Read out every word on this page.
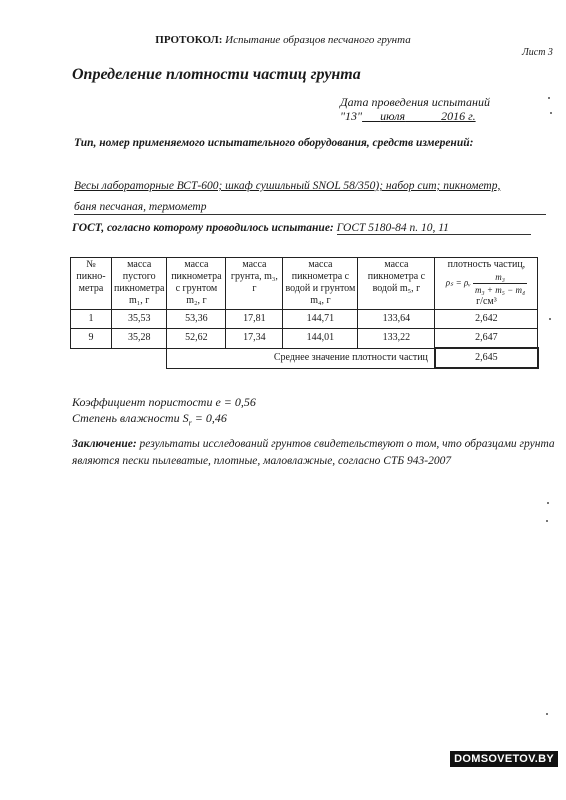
ПРОТОКОЛ: Испытание образцов песчаного грунта
Лист 3
Определение плотности частиц грунта
Дата проведения испытаний
"13" июля	2016 г.
Тип, номер применяемого испытательного оборудования, средств измерений:
Весы лабораторные ВСТ-600; шкаф сушильный SNOL 58/350); набор сит; пикнометр,
баня песчаная, термометр
ГОСТ, согласно которому проводилось испытание: ГОСТ 5180-84 п. 10, 11
№ пикно-метра	масса пустого пикнометра m₁, г	масса пикнометра с грунтом m₂, г	масса грунта, m₃, г	масса пикнометра с водой и грунтом m₄, г	масса пикнометра с водой m₅, г	плотность частиц,
ρₛ = ρᵥ $\frac{\text{m₃}}{\text{m₃ + m₅ − m₄}}$
г/см³

1	35,53	53,36	17,81	144,71	133,64	2,642
9	35,28	52,62	17,34	144,01	133,22	2,647
		Среднее значение плотности частиц				2,645
Коэффициент пористости е = 0,56
Степень влажности $S_r = 0,46$
Заключение: результаты исследований грунтов свидетельствуют о том, что образцами грунта являются пески пылеватые, плотные, маловлажные, согласно СТБ 943-2007
DOMSOVETOV.BY
